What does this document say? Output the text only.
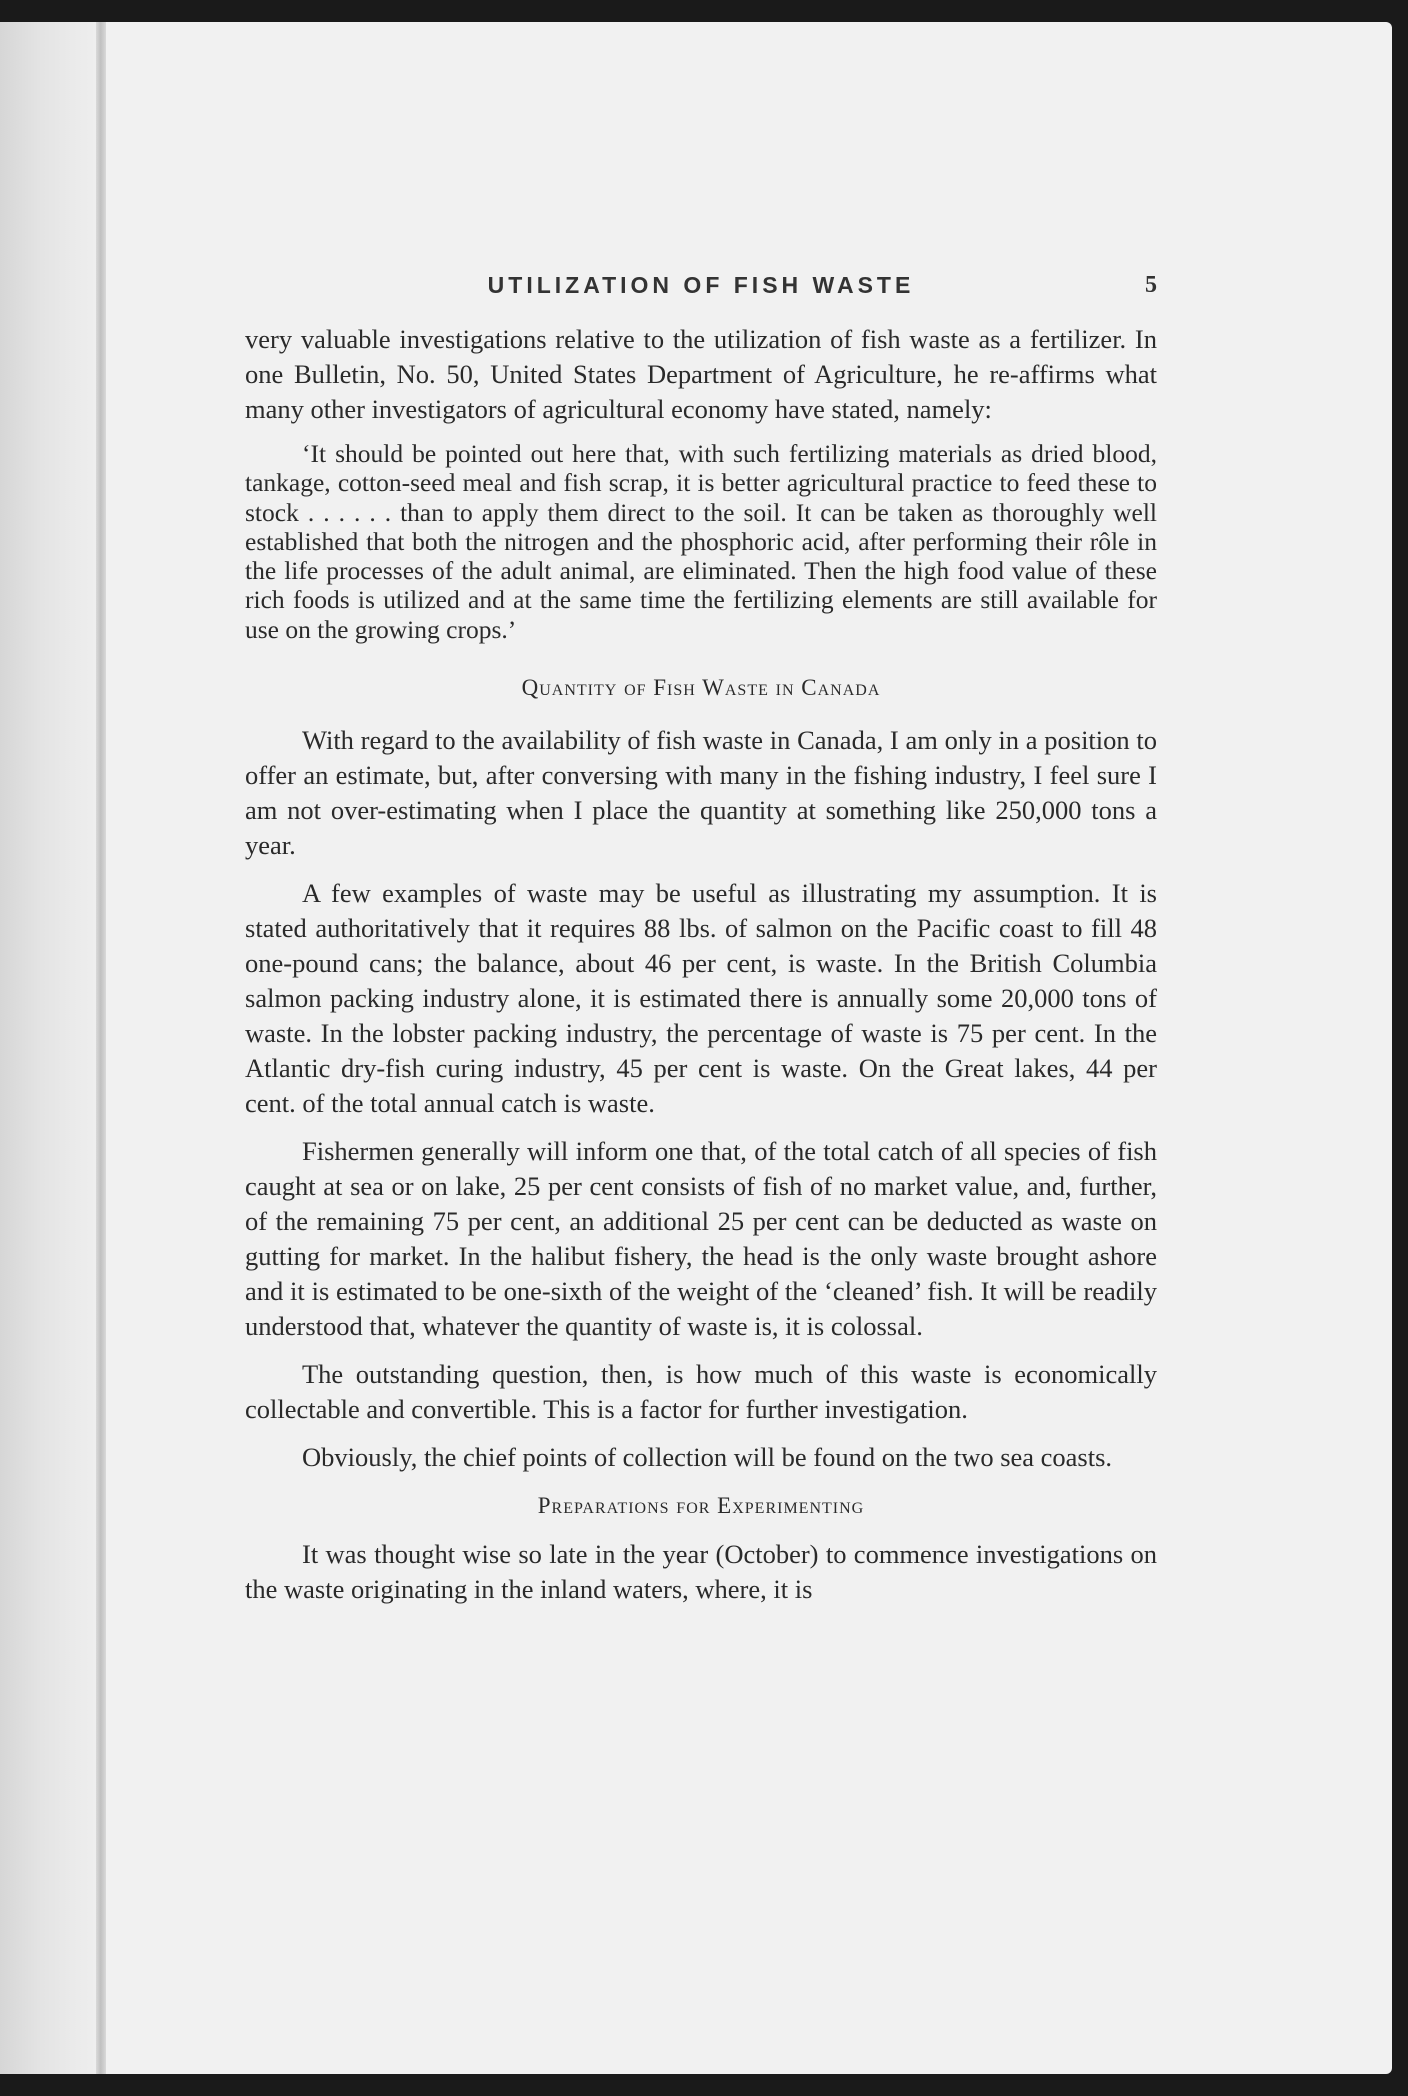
UTILIZATION OF FISH WASTE	5

very valuable investigations relative to the utilization of fish waste as a fertilizer. In one Bulletin, No. 50, United States Department of Agriculture, he re-affirms what many other investigators of agricultural economy have stated, namely:

‘It should be pointed out here that, with such fertilizing materials as dried blood, tankage, cotton-seed meal and fish scrap, it is better agricultural practice to feed these to stock . . . . . . than to apply them direct to the soil. It can be taken as thoroughly well established that both the nitrogen and the phosphoric acid, after performing their rôle in the life processes of the adult animal, are eliminated. Then the high food value of these rich foods is utilized and at the same time the fertilizing elements are still available for use on the growing crops.’

Quantity of Fish Waste in Canada

With regard to the availability of fish waste in Canada, I am only in a position to offer an estimate, but, after conversing with many in the fishing industry, I feel sure I am not over-estimating when I place the quantity at something like 250,000 tons a year.

A few examples of waste may be useful as illustrating my assumption. It is stated authoritatively that it requires 88 lbs. of salmon on the Pacific coast to fill 48 one-pound cans; the balance, about 46 per cent, is waste. In the British Columbia salmon packing industry alone, it is estimated there is annually some 20,000 tons of waste. In the lobster packing industry, the percentage of waste is 75 per cent. In the Atlantic dry-fish curing industry, 45 per cent is waste. On the Great lakes, 44 per cent. of the total annual catch is waste.

Fishermen generally will inform one that, of the total catch of all species of fish caught at sea or on lake, 25 per cent consists of fish of no market value, and, further, of the remaining 75 per cent, an additional 25 per cent can be deducted as waste on gutting for market. In the halibut fishery, the head is the only waste brought ashore and it is estimated to be one-sixth of the weight of the ‘cleaned’ fish. It will be readily understood that, whatever the quantity of waste is, it is colossal.

The outstanding question, then, is how much of this waste is economically collectable and convertible. This is a factor for further investigation.

Obviously, the chief points of collection will be found on the two sea coasts.

Preparations for Experimenting

It was thought wise so late in the year (October) to commence investigations on the waste originating in the inland waters, where, it is
